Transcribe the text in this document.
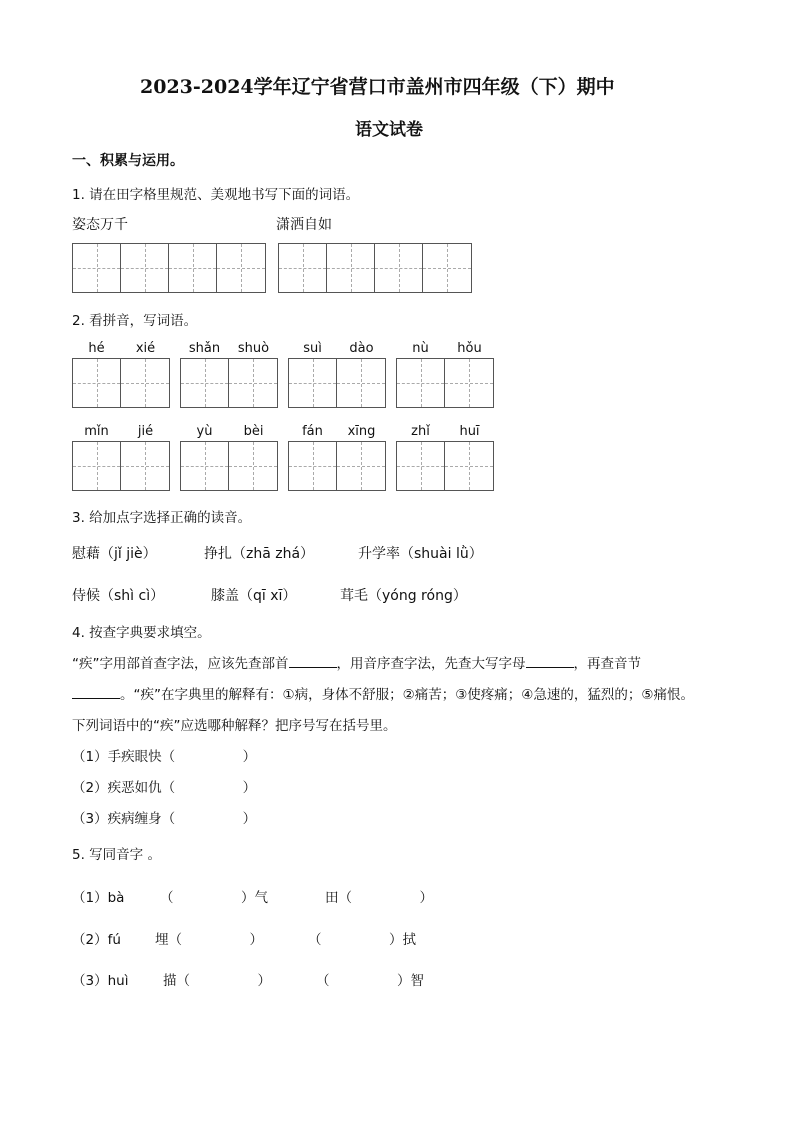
2023-2024学年辽宁省营口市盖州市四年级（下）期中
语文试卷
一、积累与运用。
1. 请在田字格里规范、美观地书写下面的词语。
姿态万千	潇洒自如
2. 看拼音，写词语。
hé	xié	shǎn	shuò	suì	dào	nù	hǒu
mǐn	jié	yù	bèi	fán	xīng	zhǐ	huī
3. 给加点字选择正确的读音。
慰藉（jǐ jiè）	挣扎（zhā zhá）	升学率（shuài lǜ）
侍候（shì cì）	膝盖（qī xī）	茸毛（yóng róng）
4. 按查字典要求填空。
“疾”字用部首查字法，应该先查部首	，用音序查字法，先查大写字母	，再查音节
。“疾”在字典里的解释有：①病，身体不舒服；②痛苦；③使疼痛；④急速的，猛烈的；⑤痛恨。
下列词语中的“疾”应选哪种解释？把序号写在括号里。
（1）手疾眼快（　　　　　）
（2）疾恶如仇（　　　　　）
（3）疾病缠身（　　　　　）
5. 写同音字 。
（1）bà	（　　　　　）气	田（　　　　　）
（2）fú	埋（　　　　　）	（　　　　　）拭
（3）huì	描（　　　　　）	（　　　　　）智
